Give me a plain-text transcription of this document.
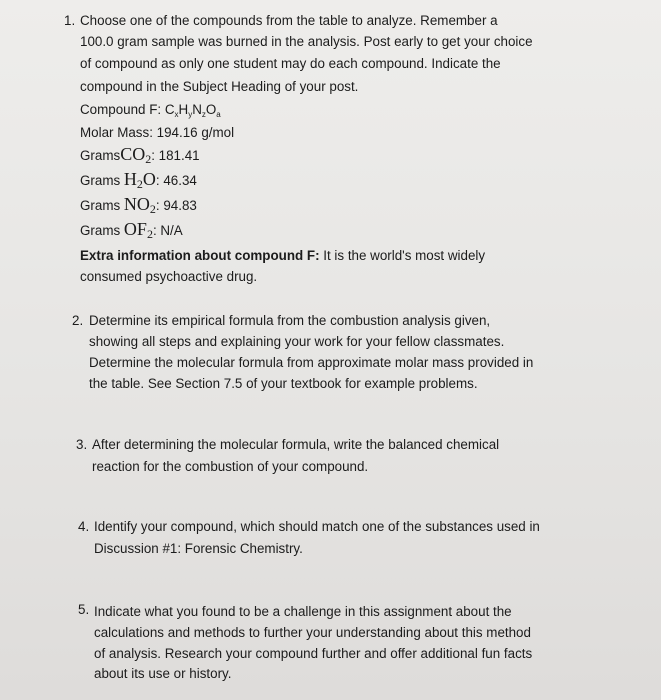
1. Choose one of the compounds from the table to analyze. Remember a
100.0 gram sample was burned in the analysis. Post early to get your choice
of compound as only one student may do each compound. Indicate the
compound in the Subject Heading of your post.
Compound F: $C_xH_yN_zO_a$
Molar Mass: 194.16 g/mol
GramsCO$_2$: 181.41
Grams $H_2O$: 46.34
Grams $NO_2$: 94.83
Grams $OF_2$: N/A
Extra information about compound F: It is the world's most widely
consumed psychoactive drug.
2. Determine its empirical formula from the combustion analysis given,
showing all steps and explaining your work for your fellow classmates.
Determine the molecular formula from approximate molar mass provided in
the table. See Section 7.5 of your textbook for example problems.
3. After determining the molecular formula, write the balanced chemical
reaction for the combustion of your compound.
4. Identify your compound, which should match one of the substances used in
Discussion #1: Forensic Chemistry.
5. Indicate what you found to be a challenge in this assignment about the
calculations and methods to further your understanding about this method
of analysis. Research your compound further and offer additional fun facts
about its use or history.
